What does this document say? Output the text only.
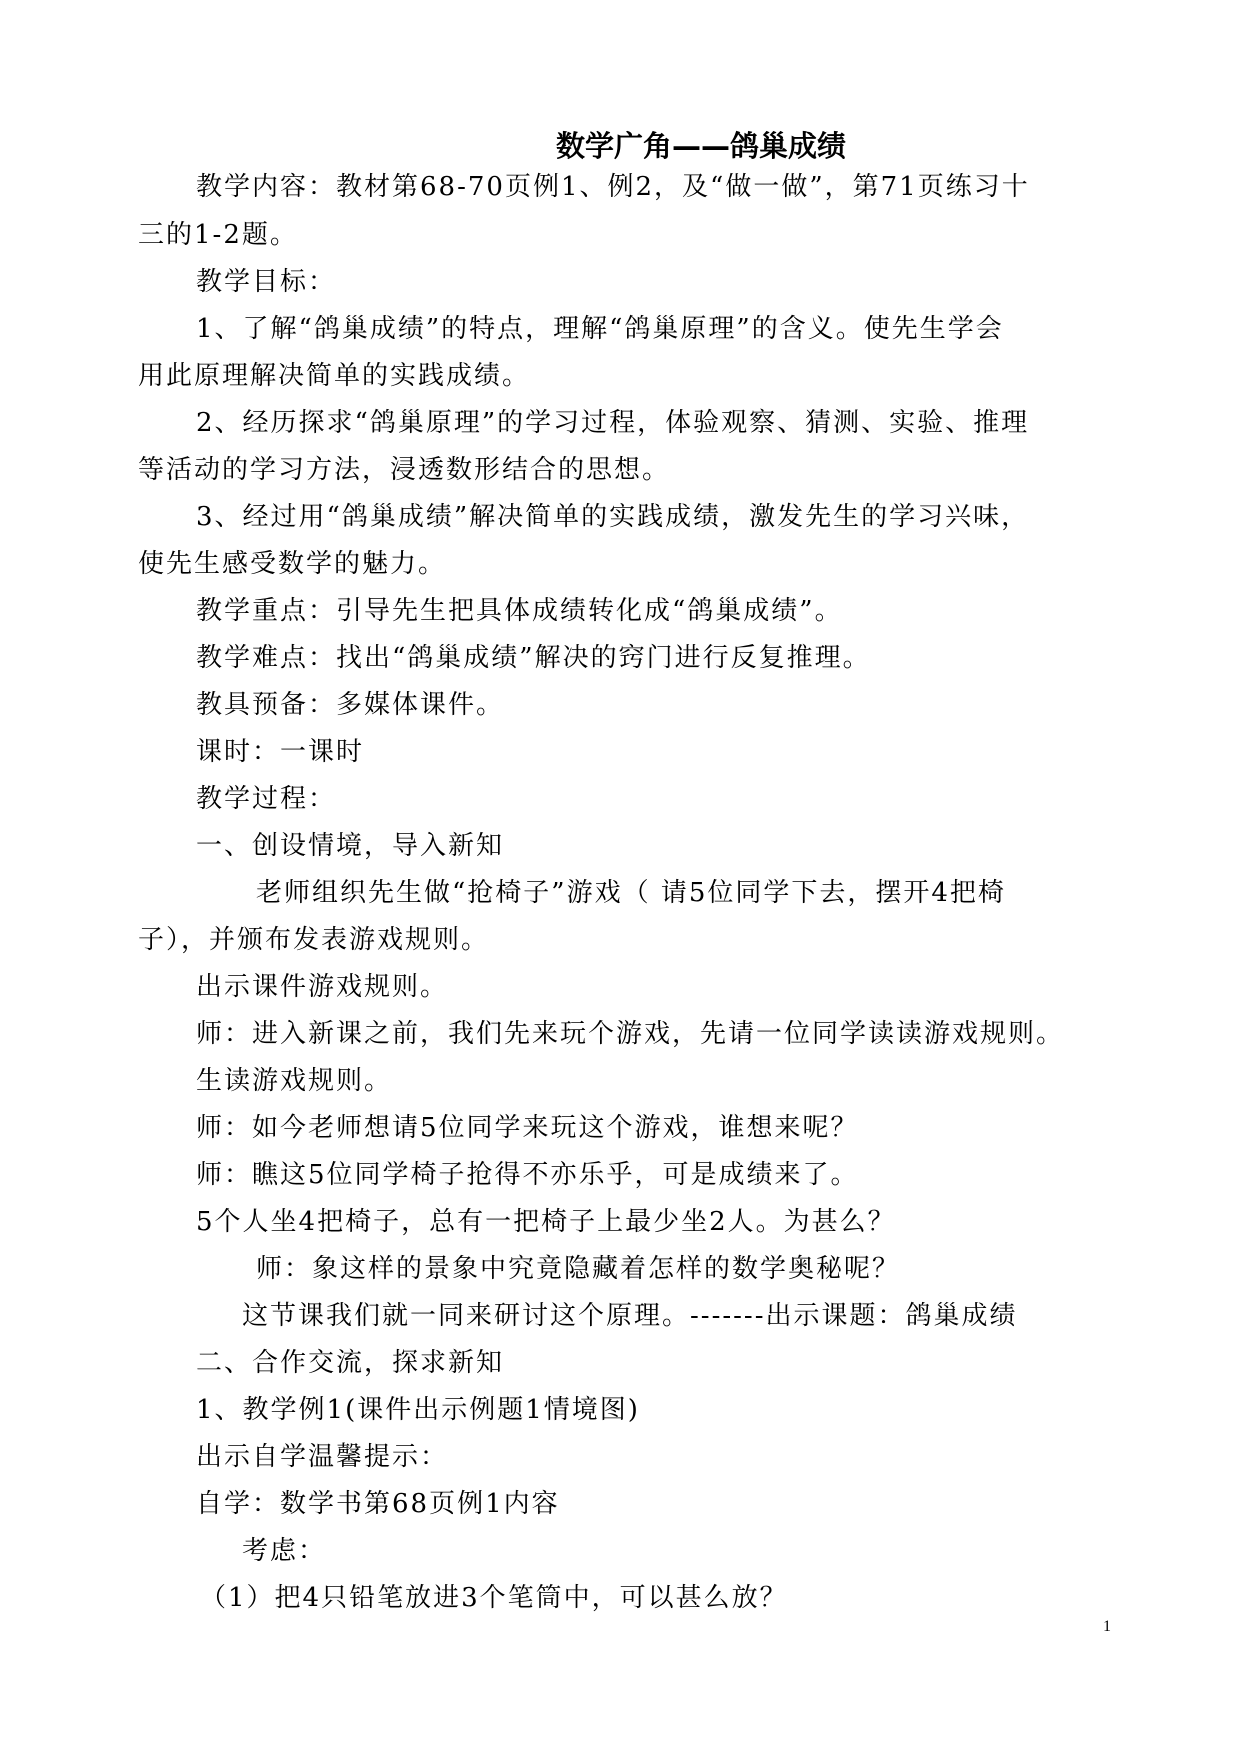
数学广角——鸽巢成绩
教学内容：教材第68-70页例1、例2，及“做一做”，第71页练习十
三的1-2题。
教学目标：
1、了解“鸽巢成绩”的特点，理解“鸽巢原理”的含义。使先生学会
用此原理解决简单的实践成绩。
2、经历探求“鸽巢原理”的学习过程，体验观察、猜测、实验、推理
等活动的学习方法，浸透数形结合的思想。
3、经过用“鸽巢成绩”解决简单的实践成绩，激发先生的学习兴味，
使先生感受数学的魅力。
教学重点：引导先生把具体成绩转化成“鸽巢成绩”。
教学难点：找出“鸽巢成绩”解决的窍门进行反复推理。
教具预备：多媒体课件。
课时：一课时
教学过程：
一、创设情境，导入新知
老师组织先生做“抢椅子”游戏（ 请5位同学下去，摆开4把椅
子），并颁布发表游戏规则。
出示课件游戏规则。
师：进入新课之前，我们先来玩个游戏，先请一位同学读读游戏规则。
生读游戏规则。
师：如今老师想请5位同学来玩这个游戏，谁想来呢？
师：瞧这5位同学椅子抢得不亦乐乎，可是成绩来了。
5个人坐4把椅子，总有一把椅子上最少坐2人。为甚么？
师：象这样的景象中究竟隐藏着怎样的数学奥秘呢？
这节课我们就一同来研讨这个原理。-------出示课题：鸽巢成绩
二、合作交流，探求新知
1、教学例1(课件出示例题1情境图)
出示自学温馨提示：
自学：数学书第68页例1内容
考虑：
（1）把4只铅笔放进3个笔筒中，可以甚么放？
1
